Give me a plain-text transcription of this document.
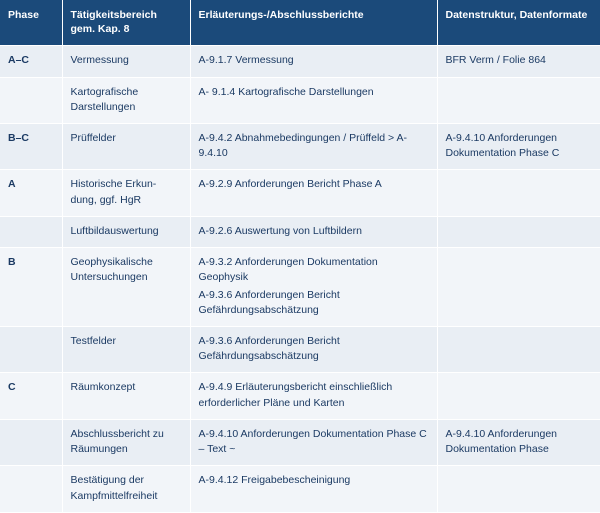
Phase	Tätigkeitsbereich gem. Kap. 8	Erläuterungs-/Abschlussberichte	Datenstruktur, Datenformate

A–C	Vermessung	A-9.1.7 Vermessung	BFR Verm / Folie 864

	Kartografische Darstellungen	A- 9.1.4 Kartografische Darstellungen	

B–C	Prüffelder	A-9.4.2 Abnahmebedingungen / Prüffeld > A- 9.4.10	A-9.4.10 Anforderungen Dokumentation Phase C

A	Historische Erkun-dung, ggf. HgR	A-9.2.9 Anforderungen Bericht Phase A	

	Luftbildauswertung	A-9.2.6 Auswertung von Luftbildern	

B	Geophysikalische Untersuchungen	A-9.3.2 Anforderungen Dokumentation Geophysik
A-9.3.6 Anforderungen Bericht Gefährdungsabschätzung	

	Testfelder	A-9.3.6 Anforderungen Bericht Gefährdungsabschätzung	

C	Räumkonzept	A-9.4.9 Erläuterungsbericht einschließlich erforderlicher Pläne und Karten	

	Abschlussbericht zu Räumungen	A-9.4.10 Anforderungen Dokumentation Phase C – Text ~	A-9.4.10 Anforderungen Dokumentation Phase

	Bestätigung der Kampfmittelfreiheit	A-9.4.12 Freigabebescheinigung	
